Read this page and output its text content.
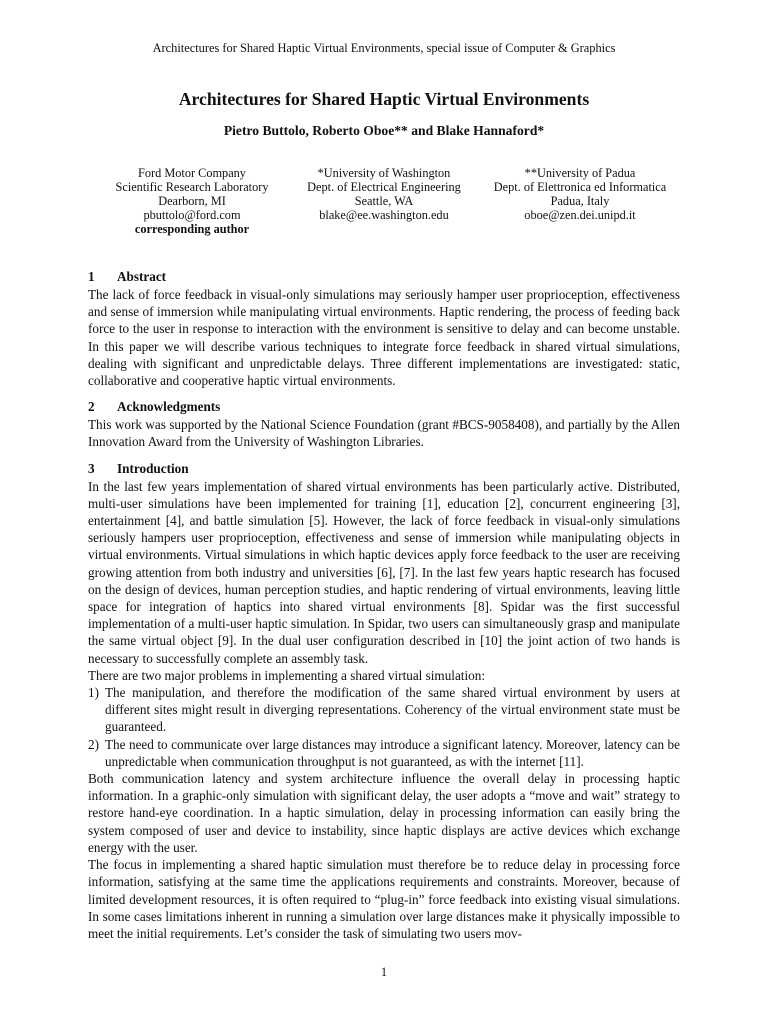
Architectures for Shared Haptic Virtual Environments, special issue of Computer & Graphics
Architectures for Shared Haptic Virtual Environments
Pietro Buttolo, Roberto Oboe** and Blake Hannaford*
Ford Motor Company
Scientific Research Laboratory
Dearborn, MI
pbuttolo@ford.com
corresponding author
*University of Washington
Dept. of Electrical Engineering
Seattle, WA
blake@ee.washington.edu
**University of Padua
Dept. of Elettronica ed Informatica
Padua, Italy
oboe@zen.dei.unipd.it
1 Abstract

The lack of force feedback in visual-only simulations may seriously hamper user proprioception, effectiveness and sense of immersion while manipulating virtual environments. Haptic rendering, the process of feeding back force to the user in response to interaction with the environment is sensitive to delay and can become unstable. In this paper we will describe various techniques to integrate force feedback in shared virtual simulations, dealing with significant and unpredictable delays. Three different implementations are investigated: static, collaborative and cooperative haptic virtual environments.

2 Acknowledgments

This work was supported by the National Science Foundation (grant #BCS-9058408), and partially by the Allen Innovation Award from the University of Washington Libraries.

3 Introduction

In the last few years implementation of shared virtual environments has been particularly active. Distributed, multi-user simulations have been implemented for training [1], education [2], concurrent engineering [3], entertainment [4], and battle simulation [5]. However, the lack of force feedback in visual-only simulations seriously hampers user proprioception, effectiveness and sense of immersion while manipulating objects in virtual environments. Virtual simulations in which haptic devices apply force feedback to the user are receiving growing attention from both industry and universities [6], [7]. In the last few years haptic research has focused on the design of devices, human perception studies, and haptic rendering of virtual environments, leaving little space for integration of haptics into shared virtual environments [8]. Spidar was the first successful implementation of a multi-user haptic simulation. In Spidar, two users can simultaneously grasp and manipulate the same virtual object [9]. In the dual user configuration described in [10] the joint action of two hands is necessary to successfully complete an assembly task.

There are two major problems in implementing a shared virtual simulation:

1) The manipulation, and therefore the modification of the same shared virtual environment by users at different sites might result in diverging representations. Coherency of the virtual environment state must be guaranteed.
2) The need to communicate over large distances may introduce a significant latency. Moreover, latency can be unpredictable when communication throughput is not guaranteed, as with the internet [11].

Both communication latency and system architecture influence the overall delay in processing haptic information. In a graphic-only simulation with significant delay, the user adopts a “move and wait” strategy to restore hand-eye coordination. In a haptic simulation, delay in processing information can easily bring the system composed of user and device to instability, since haptic displays are active devices which exchange energy with the user.

The focus in implementing a shared haptic simulation must therefore be to reduce delay in processing force information, satisfying at the same time the applications requirements and constraints. Moreover, because of limited development resources, it is often required to “plug-in” force feedback into existing visual simulations. In some cases limitations inherent in running a simulation over large distances make it physically impossible to meet the initial requirements. Let’s consider the task of simulating two users mov-

1
